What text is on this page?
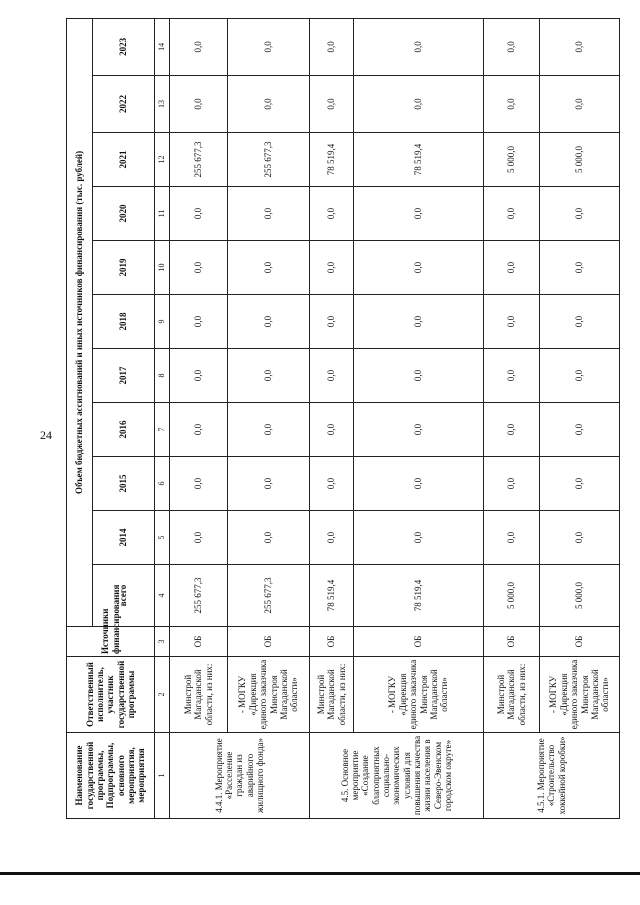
24
Наименование государственной программы, Подпрограммы, основного мероприятия, мероприятия	Ответственный исполнитель, участник государственной программы	Источники финансирования	Объем бюджетных ассигнований и иных источников финансирования (тыс. рублей)										
			всего	2014	2015	2016	2017	2018	2019	2020	2021	2022	2023
1	2	3	4	5	6	7	8	9	10	11	12	13	14
4.4.1. Мероприятие «Расселение граждан из аварийного жилищного фонда»	Минстрой Магаданской области, из них:	ОБ	255 677,3	0,0	0,0	0,0	0,0	0,0	0,0	0,0	255 677,3	0,0	0,0
	- МОГКУ «Дирекция единого заказчика Минстроя Магаданской области»	ОБ	255 677,3	0,0	0,0	0,0	0,0	0,0	0,0	0,0	255 677,3	0,0	0,0
4.5. Основное мероприятие «Создание благоприятных социально-экономических условий для повышения качества жизни населения в Северо-Эвенском городском округе»	Минстрой Магаданской области, из них:	ОБ	78 519,4	0,0	0,0	0,0	0,0	0,0	0,0	0,0	78 519,4	0,0	0,0
	- МОГКУ «Дирекция единого заказчика Минстроя Магаданской области»	ОБ	78 519,4	0,0	0,0	0,0	0,0	0,0	0,0	0,0	78 519,4	0,0	0,0
4.5.1. Мероприятие «Строительство хоккейной коробки»	Минстрой Магаданской области, из них:	ОБ	5 000,0	0,0	0,0	0,0	0,0	0,0	0,0	0,0	5 000,0	0,0	0,0
	- МОГКУ «Дирекция единого заказчика Минстроя Магаданской области»	ОБ	5 000,0	0,0	0,0	0,0	0,0	0,0	0,0	0,0	5 000,0	0,0	0,0
